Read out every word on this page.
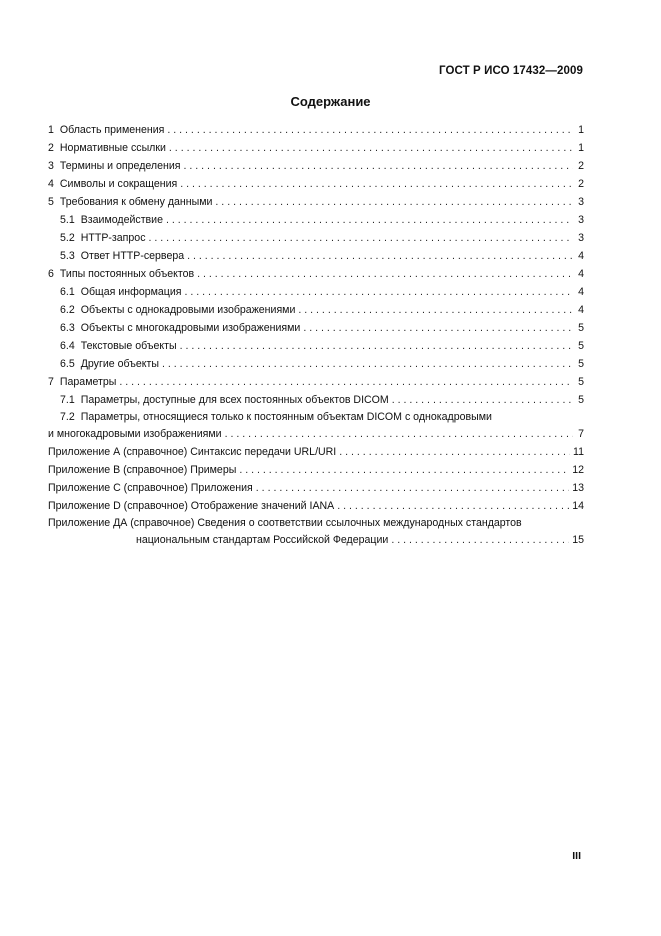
ГОСТ Р ИСО 17432—2009
Содержание
1 Область применения . . .	1
2 Нормативные ссылки . . .	1
3 Термины и определения . . .	2
4 Символы и сокращения . . .	2
5 Требования к обмену данными . . .	3
5.1 Взаимодействие . . .	3
5.2 HTTP-запрос . . .	3
5.3 Ответ HTTP-сервера . . .	4
6 Типы постоянных объектов . . .	4
6.1 Общая информация . . .	4
6.2 Объекты с однокадровыми изображениями . . .	4
6.3 Объекты с многокадровыми изображениями . . .	5
6.4 Текстовые объекты . . .	5
6.5 Другие объекты . . .	5
7 Параметры . . .	5
7.1 Параметры, доступные для всех постоянных объектов DICOM . . .	5
7.2 Параметры, относящиеся только к постоянным объектам DICOM с однокадровыми
и многокадровыми изображениями . . .	7
Приложение А (справочное) Синтаксис передачи URL/URI . . .	11
Приложение В (справочное) Примеры . . .	12
Приложение С (справочное) Приложения . . .	13
Приложение D (справочное) Отображение значений IANA . . .	14
Приложение ДА (справочное) Сведения о соответствии ссылочных международных стандартов
национальным стандартам Российской Федерации . . .	15
III
